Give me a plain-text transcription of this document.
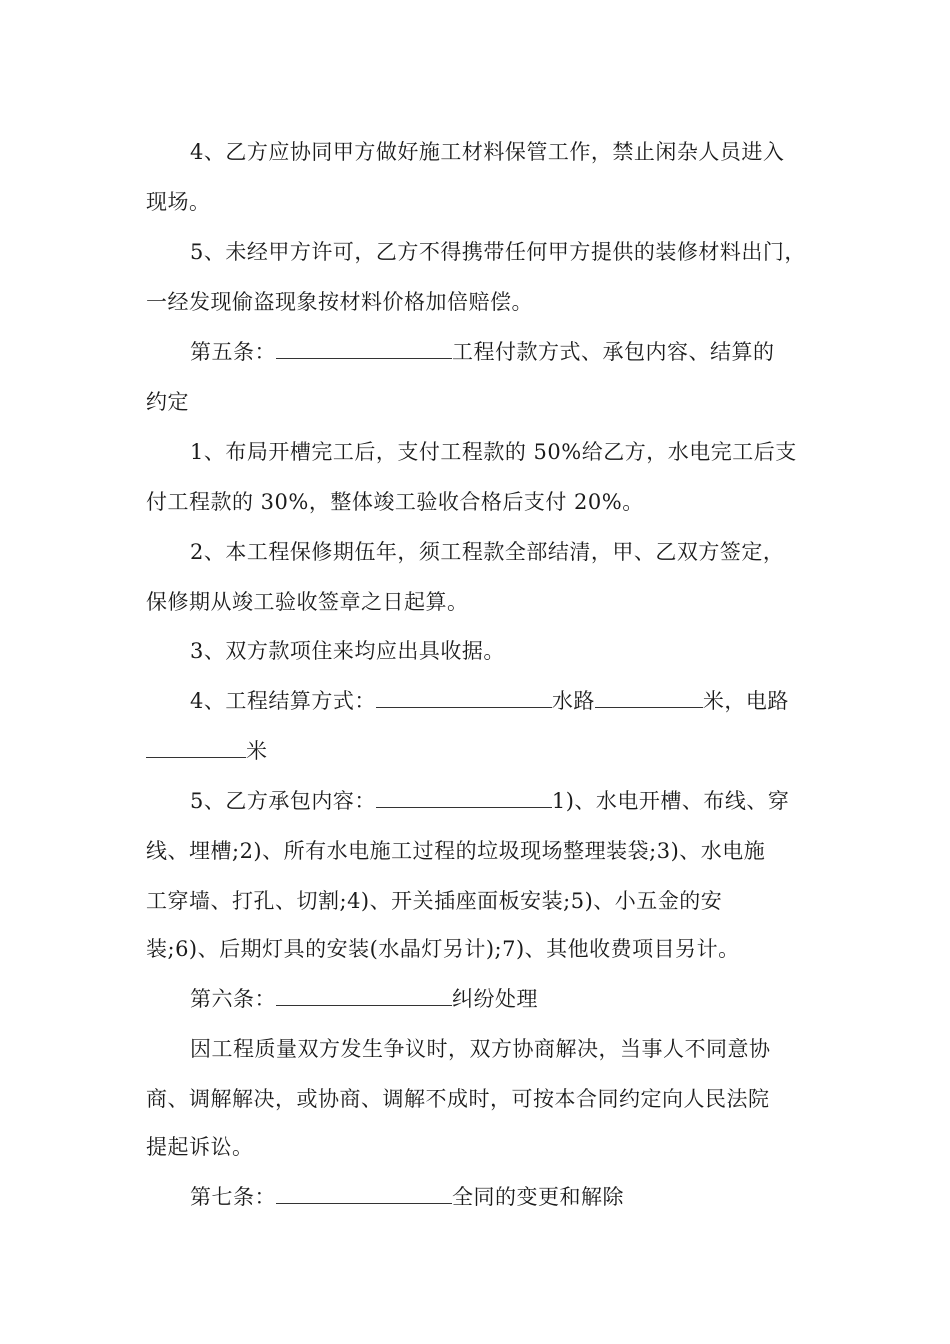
4、乙方应协同甲方做好施工材料保管工作，禁止闲杂人员进入
现场。
5、未经甲方许可，乙方不得携带任何甲方提供的装修材料出门，
一经发现偷盗现象按材料价格加倍赔偿。
第五条：	工程付款方式、承包内容、结算的
约定
1、布局开槽完工后，支付工程款的 50%给乙方，水电完工后支
付工程款的 30%，整体竣工验收合格后支付 20%。
2、本工程保修期伍年，须工程款全部结清，甲、乙双方签定，
保修期从竣工验收签章之日起算。
3、双方款项住来均应出具收据。
4、工程结算方式：	水路	米，电路
米
5、乙方承包内容：	1)、水电开槽、布线、穿
线、埋槽;2)、所有水电施工过程的垃圾现场整理装袋;3)、水电施
工穿墙、打孔、切割;4)、开关插座面板安装;5)、小五金的安
装;6)、后期灯具的安装(水晶灯另计);7)、其他收费项目另计。
第六条：	纠纷处理
因工程质量双方发生争议时，双方协商解决，当事人不同意协
商、调解解决，或协商、调解不成时，可按本合同约定向人民法院
提起诉讼。
第七条：	全同的变更和解除
